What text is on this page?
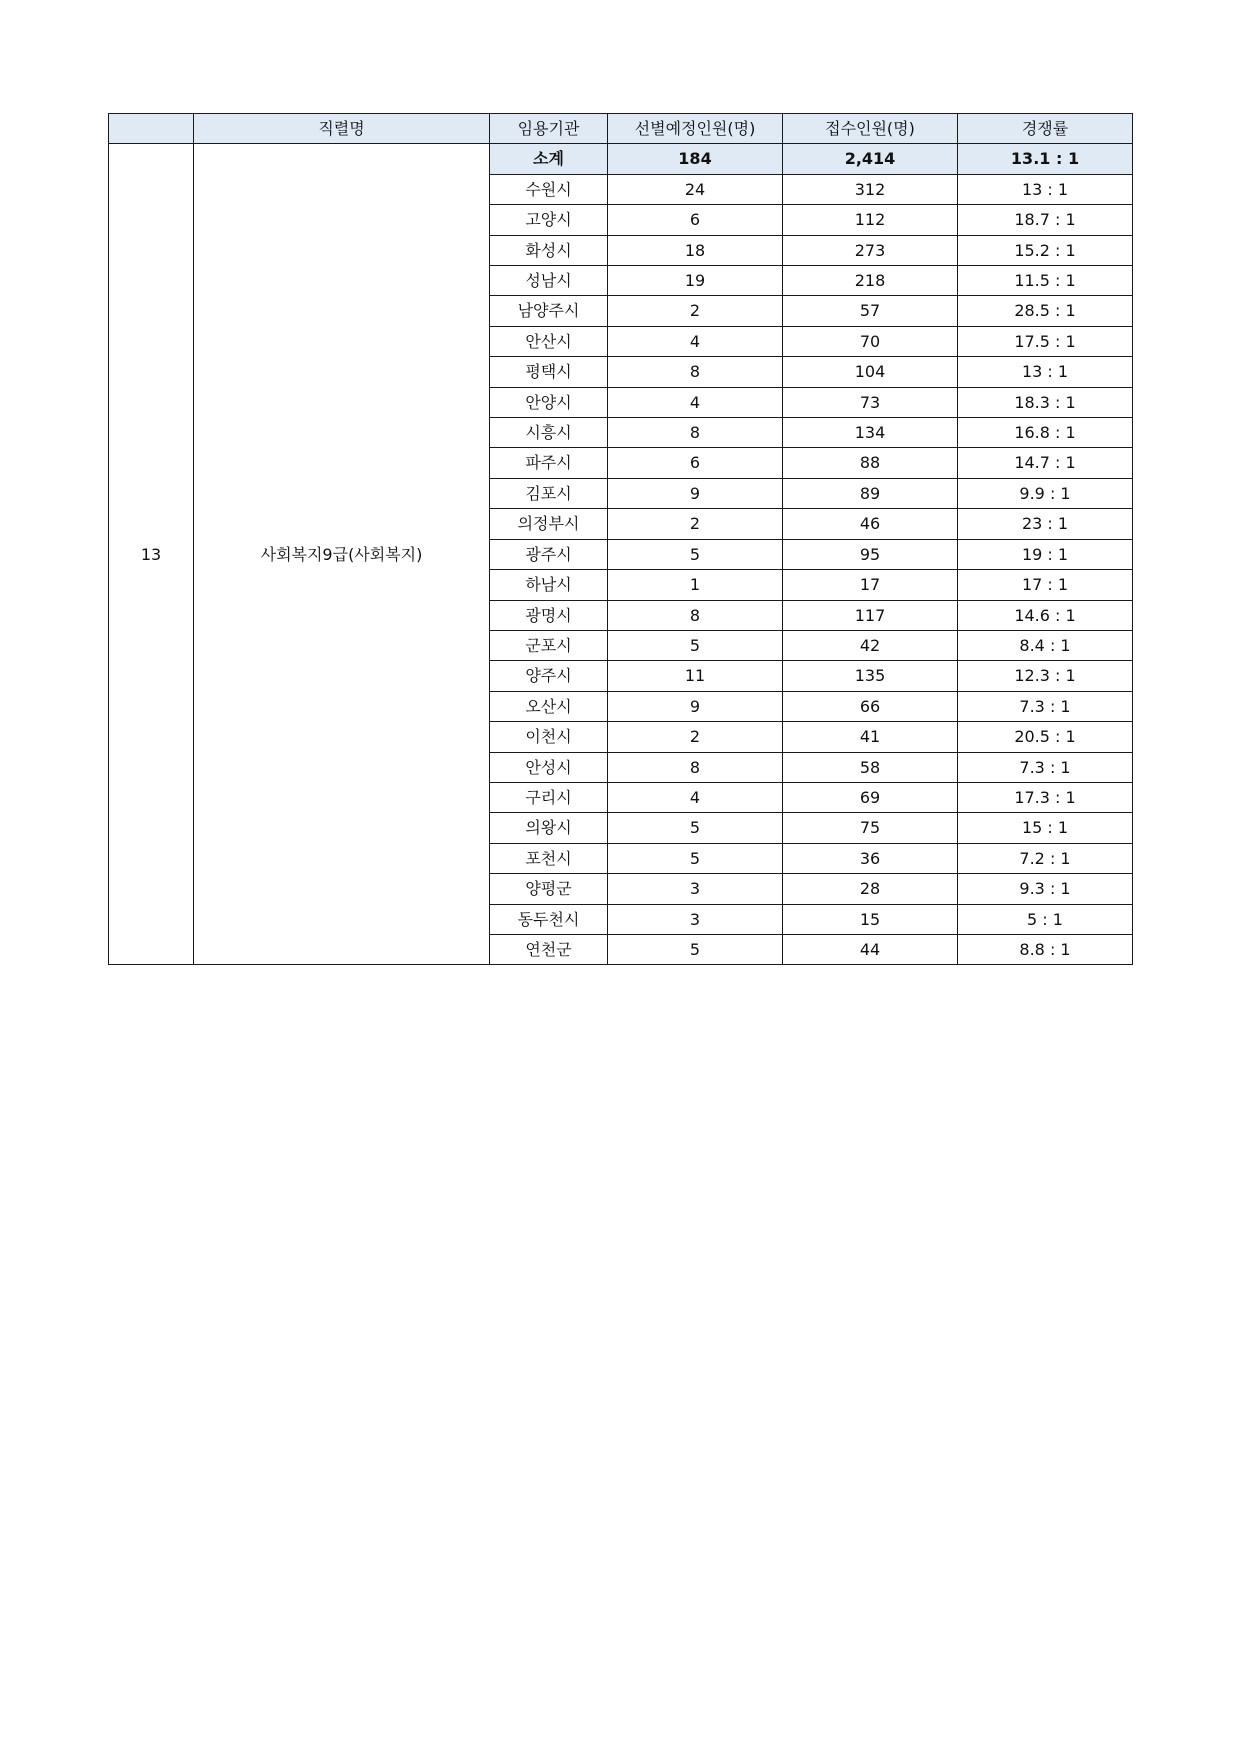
	직렬명	임용기관	선별예정인원(명)	접수인원(명)	경쟁률
13	사회복지9급(사회복지)	소계	184	2,414	13.1 : 1
		수원시	24	312	13 : 1
		고양시	6	112	18.7 : 1
		화성시	18	273	15.2 : 1
		성남시	19	218	11.5 : 1
		남양주시	2	57	28.5 : 1
		안산시	4	70	17.5 : 1
		평택시	8	104	13 : 1
		안양시	4	73	18.3 : 1
		시흥시	8	134	16.8 : 1
		파주시	6	88	14.7 : 1
		김포시	9	89	9.9 : 1
		의정부시	2	46	23 : 1
		광주시	5	95	19 : 1
		하남시	1	17	17 : 1
		광명시	8	117	14.6 : 1
		군포시	5	42	8.4 : 1
		양주시	11	135	12.3 : 1
		오산시	9	66	7.3 : 1
		이천시	2	41	20.5 : 1
		안성시	8	58	7.3 : 1
		구리시	4	69	17.3 : 1
		의왕시	5	75	15 : 1
		포천시	5	36	7.2 : 1
		양평군	3	28	9.3 : 1
		동두천시	3	15	5 : 1
		연천군	5	44	8.8 : 1
